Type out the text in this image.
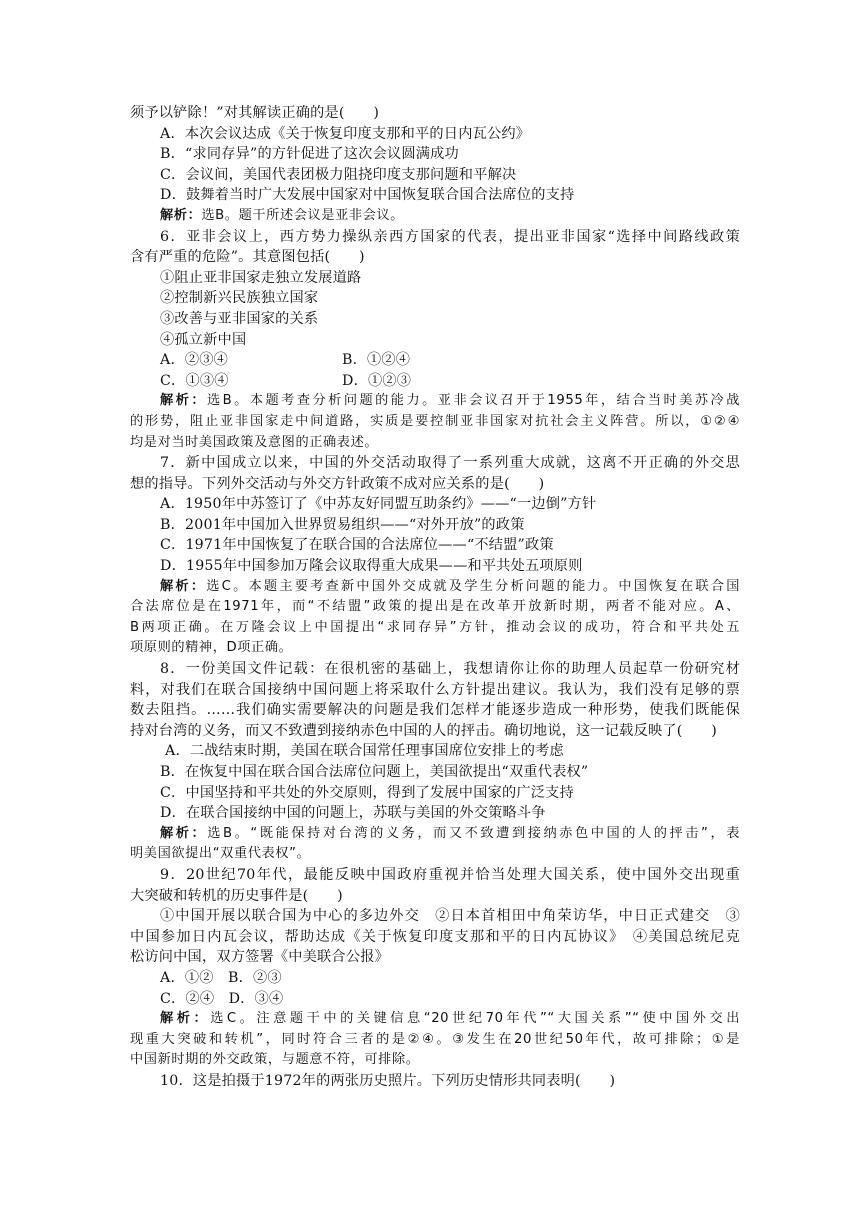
须予以铲除！”对其解读正确的是(　　)
A．本次会议达成《关于恢复印度支那和平的日内瓦公约》
B．“求同存异”的方针促进了这次会议圆满成功
C．会议间，美国代表团极力阻挠印度支那问题和平解决
D．鼓舞着当时广大发展中国家对中国恢复联合国合法席位的支持
解析：选B。题干所述会议是亚非会议。
6．亚非会议上，西方势力操纵亲西方国家的代表，提出亚非国家“选择中间路线政策
含有严重的危险”。其意图包括(　　)
①阻止亚非国家走独立发展道路
②控制新兴民族独立国家
③改善与亚非国家的关系
④孤立新中国
A．②③④	B．①②④
C．①③④	D．①②③
解析：选B。本题考查分析问题的能力。亚非会议召开于1955年，结合当时美苏冷战
的形势，阻止亚非国家走中间道路，实质是要控制亚非国家对抗社会主义阵营。所以，①②④
均是对当时美国政策及意图的正确表述。
7．新中国成立以来，中国的外交活动取得了一系列重大成就，这离不开正确的外交思
想的指导。下列外交活动与外交方针政策不成对应关系的是(　　)
A．1950年中苏签订了《中苏友好同盟互助条约》——“一边倒”方针
B．2001年中国加入世界贸易组织——“对外开放”的政策
C．1971年中国恢复了在联合国的合法席位——“不结盟”政策
D．1955年中国参加万隆会议取得重大成果——和平共处五项原则
解析：选C。本题主要考查新中国外交成就及学生分析问题的能力。中国恢复在联合国
合法席位是在1971年，而“不结盟”政策的提出是在改革开放新时期，两者不能对应。A、
B两项正确。在万隆会议上中国提出“求同存异”方针，推动会议的成功，符合和平共处五
项原则的精神，D项正确。
8．一份美国文件记载：在很机密的基础上，我想请你让你的助理人员起草一份研究材
料，对我们在联合国接纳中国问题上将采取什么方针提出建议。我认为，我们没有足够的票
数去阻挡。……我们确实需要解决的问题是我们怎样才能逐步造成一种形势，使我们既能保
持对台湾的义务，而又不致遭到接纳赤色中国的人的抨击。确切地说，这一记载反映了(　　)
A．二战结束时期，美国在联合国常任理事国席位安排上的考虑
B．在恢复中国在联合国合法席位问题上，美国欲提出“双重代表权”
C．中国坚持和平共处的外交原则，得到了发展中国家的广泛支持
D．在联合国接纳中国的问题上，苏联与美国的外交策略斗争
解析：选B。“既能保持对台湾的义务，而又不致遭到接纳赤色中国的人的抨击”，表
明美国欲提出“双重代表权”。
9．20世纪70年代，最能反映中国政府重视并恰当处理大国关系，使中国外交出现重
大突破和转机的历史事件是(　　)
①中国开展以联合国为中心的多边外交　②日本首相田中角荣访华，中日正式建交　③
中国参加日内瓦会议，帮助达成《关于恢复印度支那和平的日内瓦协议》　④美国总统尼克
松访问中国，双方签署《中美联合公报》
A．①②　B．②③
C．②④　D．③④
解析：选C。注意题干中的关键信息“20世纪70年代”“大国关系”“使中国外交出
现重大突破和转机”，同时符合三者的是②④。③发生在20世纪50年代，故可排除；①是
中国新时期的外交政策，与题意不符，可排除。
10．这是拍摄于1972年的两张历史照片。下列历史情形共同表明(　　)
